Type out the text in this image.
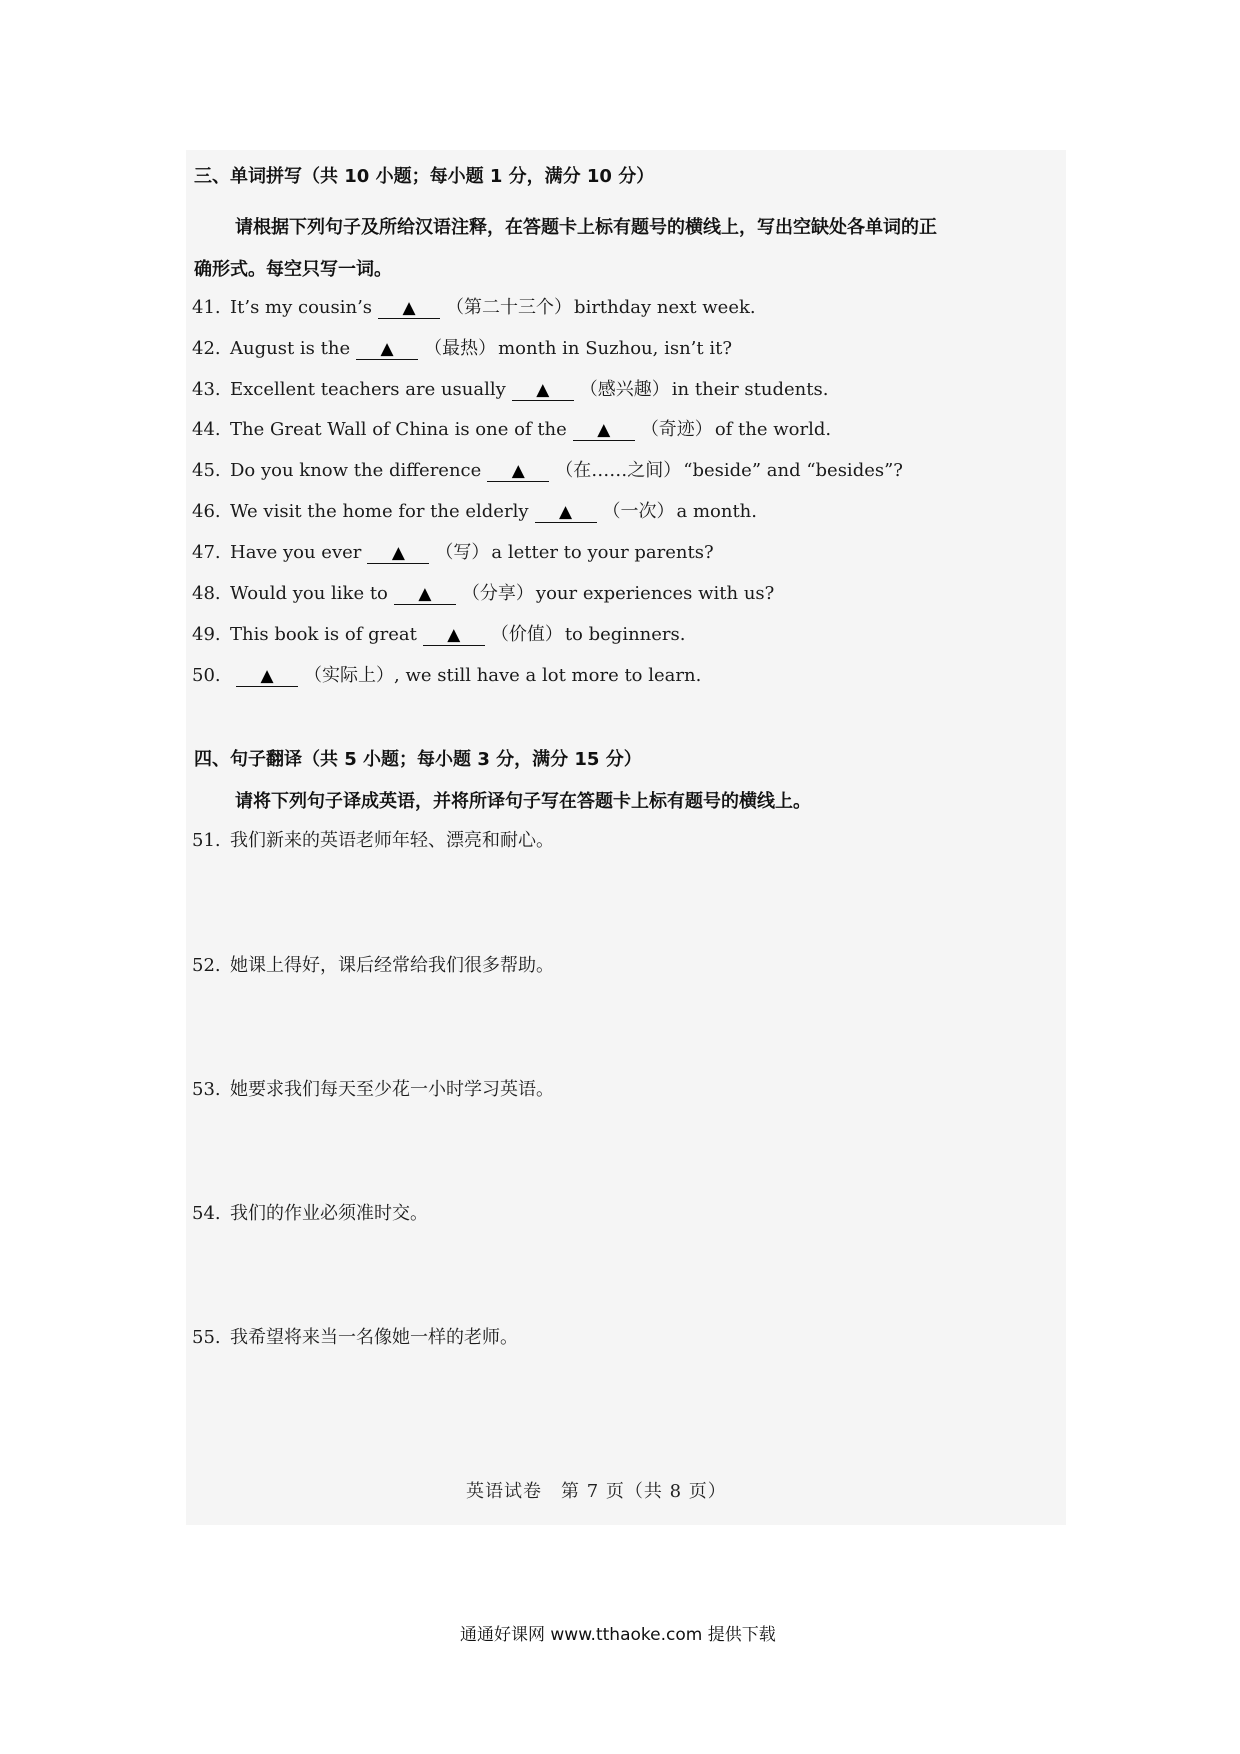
三、单词拼写（共 10 小题；每小题 1 分，满分 10 分）
请根据下列句子及所给汉语注释，在答题卡上标有题号的横线上，写出空缺处各单词的正
确形式。每空只写一词。
41. It’s my cousin’s ▲ （第二十三个） birthday next week.
42. August is the ▲ （最热） month in Suzhou, isn’t it?
43. Excellent teachers are usually ▲ （感兴趣） in their students.
44. The Great Wall of China is one of the ▲ （奇迹） of the world.
45. Do you know the difference ▲ （在……之间） “beside” and “besides”?
46. We visit the home for the elderly ▲ （一次） a month.
47. Have you ever ▲ （写） a letter to your parents?
48. Would you like to ▲ （分享） your experiences with us?
49. This book is of great ▲ （价值） to beginners.
50. ▲ （实际上）, we still have a lot more to learn.
四、句子翻译（共 5 小题；每小题 3 分，满分 15 分）
请将下列句子译成英语，并将所译句子写在答题卡上标有题号的横线上。
51. 我们新来的英语老师年轻、漂亮和耐心。
52. 她课上得好，课后经常给我们很多帮助。
53. 她要求我们每天至少花一小时学习英语。
54. 我们的作业必须准时交。
55. 我希望将来当一名像她一样的老师。
英语试卷　第 7 页（共 8 页）
通通好课网 www.tthaoke.com 提供下载
